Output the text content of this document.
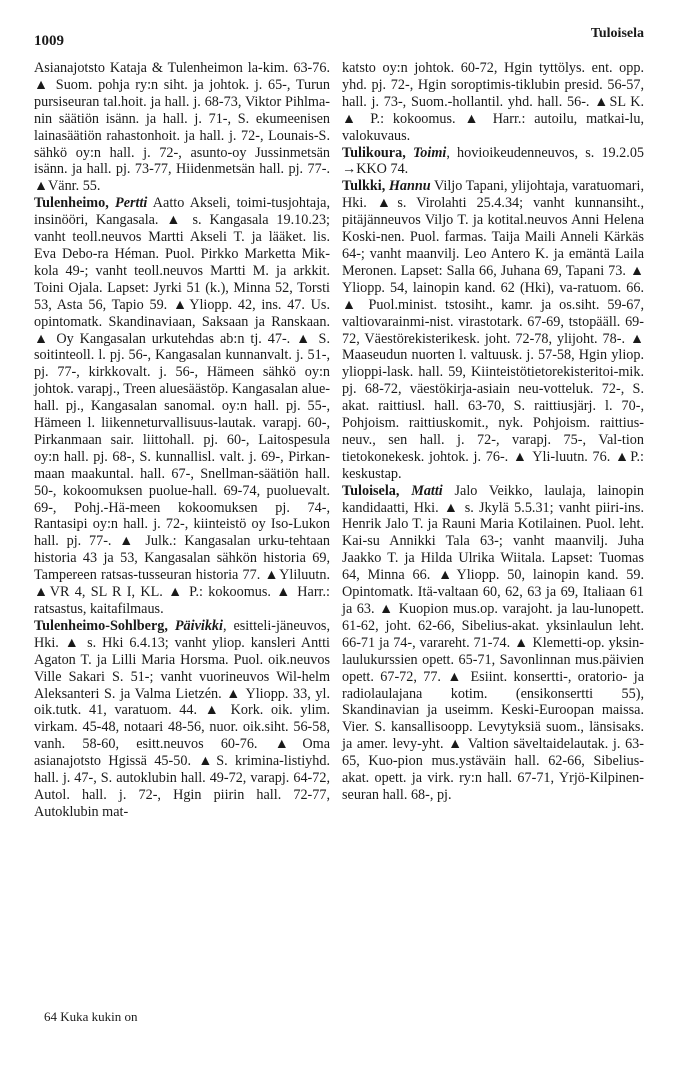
1009	Tuloisela

Asianajotsto Kataja & Tulenheimon la-kim. 63-76. ▲ Suom. pohja ry:n siht. ja johtok. j. 65-, Turun pursiseuran tal.hoit. ja hall. j. 68-73, Viktor Pihlma-nin säätiön isänn. ja hall. j. 71-, S. ekumeenisen lainasäätiön rahastonhoit. ja hall. j. 72-, Lounais-S. sähkö oy:n hall. j. 72-, asunto-oy Jussinmetsän isänn. ja hall. pj. 73-77, Hiidenmetsän hall. pj. 77-. ▲Vänr. 55.

Tulenheimo, Pertti Aatto Akseli, toimi-tusjohtaja, insinööri, Kangasala. ▲ s. Kangasala 19.10.23; vanht teoll.neuvos Martti Akseli T. ja lääket. lis. Eva Debo-ra Héman. Puol. Pirkko Marketta Mik-kola 49-; vanht teoll.neuvos Martti M. ja arkkit. Toini Ojala. Lapset: Jyrki 51 (k.), Minna 52, Torsti 53, Asta 56, Tapio 59. ▲Yliopp. 42, ins. 47. Us. opintomatk. Skandinaviaan, Saksaan ja Ranskaan. ▲ Oy Kangasalan urkutehdas ab:n tj. 47-. ▲ S. soitinteoll. l. pj. 56-, Kangasalan kunnanvalt. j. 51-, pj. 77-, kirkkovalt. j. 56-, Hämeen sähkö oy:n johtok. varapj., Treen aluesäästöp. Kangasalan alue-hall. pj., Kangasalan sanomal. oy:n hall. pj. 55-, Hämeen l. liikenneturvallisuus-lautak. varapj. 60-, Pirkanmaan sair. liittohall. pj. 60-, Laitospesula oy:n hall. pj. 68-, S. kunnallisl. valt. j. 69-, Pirkan-maan maakuntal. hall. 67-, Snellman-säätiön hall. 50-, kokoomuksen puolue-hall. 69-74, puoluevalt. 69-, Pohj.-Hä-meen kokoomuksen pj. 74-, Rantasipi oy:n hall. j. 72-, kiinteistö oy Iso-Lukon hall. pj. 77-. ▲ Julk.: Kangasalan urku-tehtaan historia 43 ja 53, Kangasalan sähkön historia 69, Tampereen ratsas-tusseuran historia 77. ▲Yliluutn. ▲VR 4, SL R I, KL. ▲ P.: kokoomus. ▲ Harr.: ratsastus, kaitafilmaus.

Tulenheimo-Sohlberg, Päivikki, esitteli-jäneuvos, Hki. ▲ s. Hki 6.4.13; vanht yliop. kansleri Antti Agaton T. ja Lilli Maria Horsma. Puol. oik.neuvos Ville Sakari S. 51-; vanht vuorineuvos Wil-helm Aleksanteri S. ja Valma Lietzén. ▲ Yliopp. 33, yl. oik.tutk. 41, varatuom. 44. ▲ Kork. oik. ylim. virkam. 45-48, notaari 48-56, nuor. oik.siht. 56-58, vanh. 58-60, esitt.neuvos 60-76. ▲Oma asianajotsto Hgissä 45-50. ▲S. krimina-listiyhd. hall. j. 47-, S. autoklubin hall. 49-72, varapj. 64-72, Autol. hall. j. 72-, Hgin piirin hall. 72-77, Autoklubin mat-

katsto oy:n johtok. 60-72, Hgin tyttölys. ent. opp. yhd. pj. 72-, Hgin soroptimis-tiklubin presid. 56-57, hall. j. 73-, Suom.-hollantil. yhd. hall. 56-. ▲SL K. ▲ P.: kokoomus. ▲ Harr.: autoilu, matkai-lu, valokuvaus.

Tulikoura, Toimi, hovioikeudenneuvos, s. 19.2.05 →KKO 74.

Tulkki, Hannu Viljo Tapani, ylijohtaja, varatuomari, Hki. ▲s. Virolahti 25.4.34; vanht kunnansiht., pitäjänneuvos Viljo T. ja kotital.neuvos Anni Helena Koski-nen. Puol. farmas. Taija Maili Anneli Kärkäs 64-; vanht maanvilj. Leo Antero K. ja emäntä Laila Meronen. Lapset: Salla 66, Juhana 69, Tapani 73. ▲ Yliopp. 54, lainopin kand. 62 (Hki), va-ratuom. 66. ▲ Puol.minist. tstosiht., kamr. ja os.siht. 59-67, valtiovarainmi-nist. virastotark. 67-69, tstopääll. 69-72, Väestörekisterikesk. joht. 72-78, ylijoht. 78-. ▲ Maaseudun nuorten l. valtuusk. j. 57-58, Hgin yliop. ylioppi-lask. hall. 59, Kiinteistötietorekisteritoi-mik. pj. 68-72, väestökirja-asiain neu-votteluk. 72-, S. akat. raittiusl. hall. 63-70, S. raittiusjärj. l. 70-, Pohjoism. raittiuskomit., nyk. Pohjoism. raittius-neuv., sen hall. j. 72-, varapj. 75-, Val-tion tietokonekesk. johtok. j. 76-. ▲ Yli-luutn. 76. ▲P.: keskustap.

Tuloisela, Matti Jalo Veikko, laulaja, lainopin kandidaatti, Hki. ▲ s. Jkylä 5.5.31; vanht piiri-ins. Henrik Jalo T. ja Rauni Maria Kotilainen. Puol. leht. Kai-su Annikki Tala 63-; vanht maanvilj. Juha Jaakko T. ja Hilda Ulrika Wiitala. Lapset: Tuomas 64, Minna 66. ▲Yliopp. 50, lainopin kand. 59. Opintomatk. Itä-valtaan 60, 62, 63 ja 69, Italiaan 61 ja 63. ▲ Kuopion mus.op. varajoht. ja lau-lunopett. 61-62, joht. 62-66, Sibelius-akat. yksinlaulun leht. 66-71 ja 74-, varareht. 71-74. ▲ Klemetti-op. yksin-laulukurssien opett. 65-71, Savonlinnan mus.päivien opett. 67-72, 77. ▲ Esiint. konsertti-, oratorio- ja radiolaulajana kotim. (ensikonsertti 55), Skandinavian ja useimm. Keski-Euroopan maissa. Vier. S. kansallisoopp. Levytyksiä suom., länsisaks. ja amer. levy-yht. ▲ Valtion säveltaidelautak. j. 63-65, Kuo-pion mus.ystäväin hall. 62-66, Sibelius-akat. opett. ja virk. ry:n hall. 67-71, Yrjö-Kilpinen-seuran hall. 68-, pj.

64 Kuka kukin on
